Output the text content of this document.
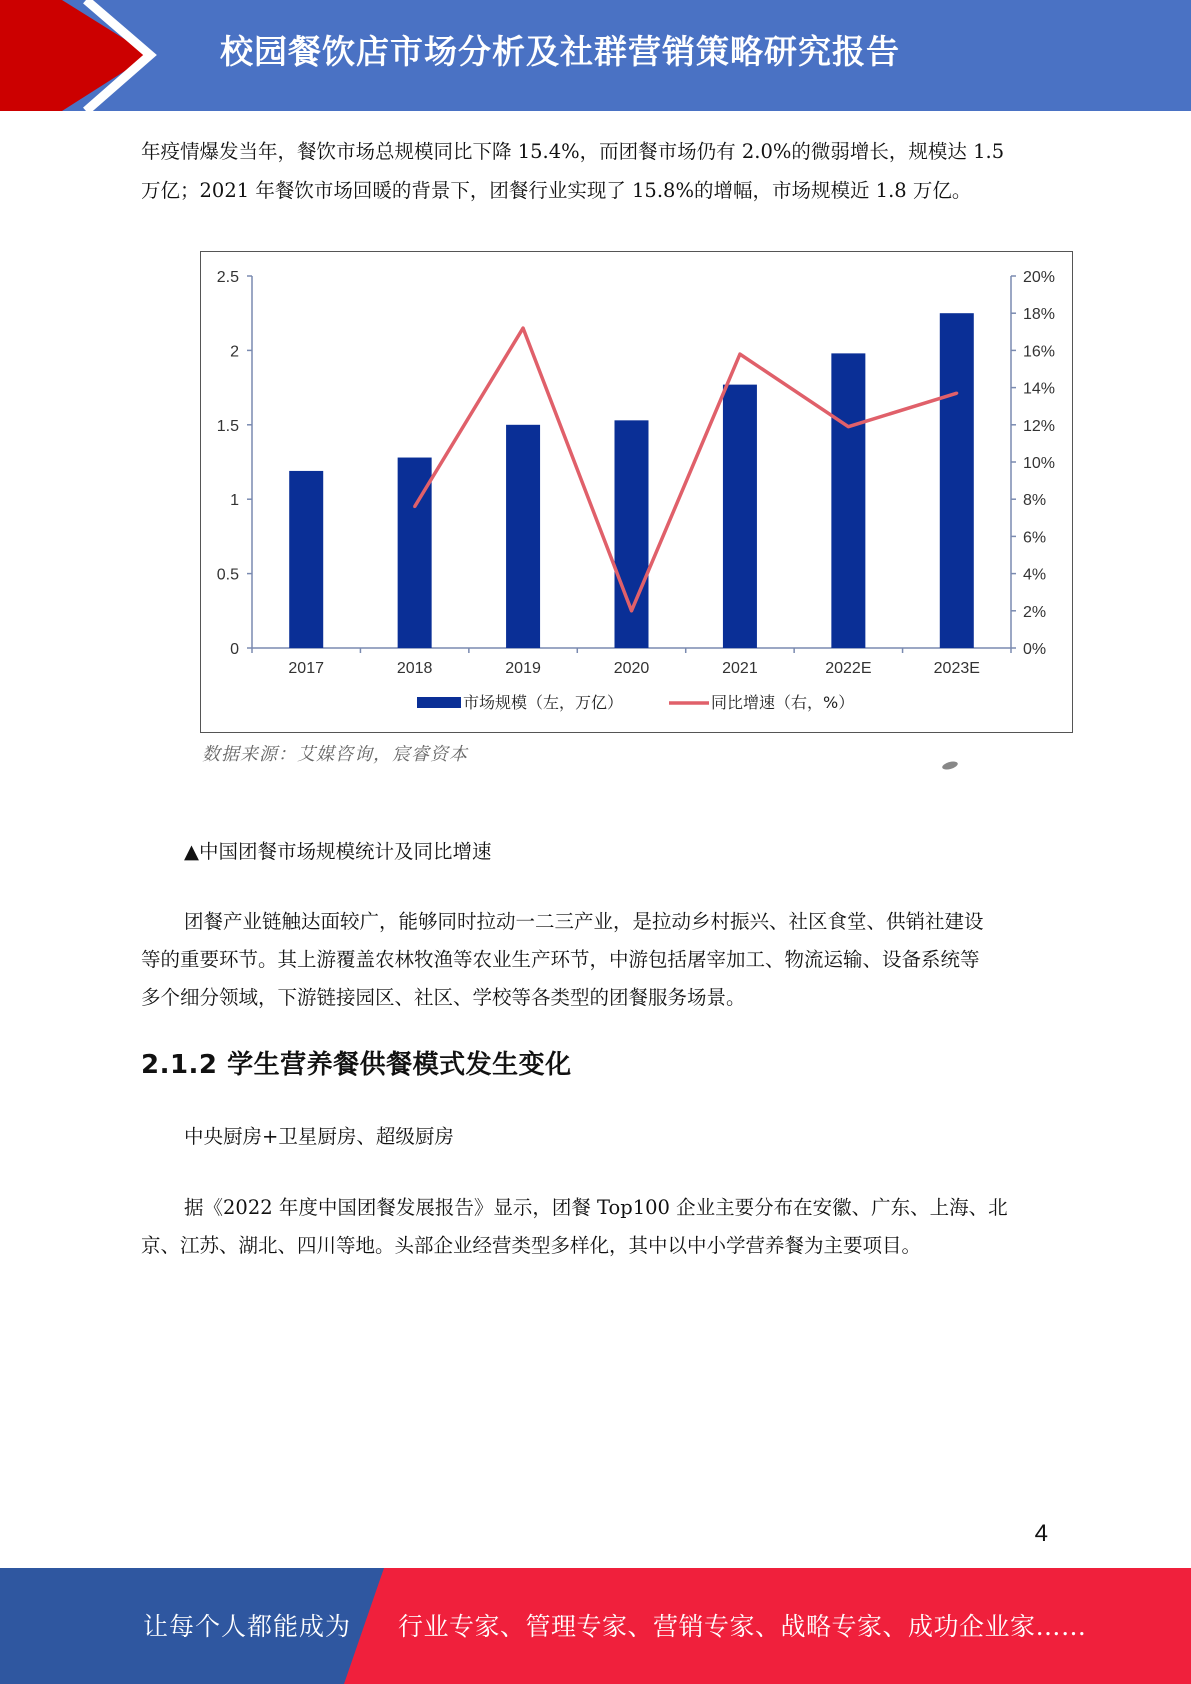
校园餐饮店市场分析及社群营销策略研究报告
年疫情爆发当年，餐饮市场总规模同比下降 15.4%，而团餐市场仍有 2.0%的微弱增长，规模达 1.5
万亿；2021 年餐饮市场回暖的背景下，团餐行业实现了 15.8%的增幅，市场规模近 1.8 万亿。
0
0.5
1
1.5
2
2.5
0%
2%
4%
6%
8%
10%
12%
14%
16%
18%
20%
2017	2018	2019	2020	2021	2022E	2023E
市场规模（左，万亿）	同比增速（右，%）
数据来源：艾媒咨询，宸睿资本
▲中国团餐市场规模统计及同比增速
团餐产业链触达面较广，能够同时拉动一二三产业，是拉动乡村振兴、社区食堂、供销社建设
等的重要环节。其上游覆盖农林牧渔等农业生产环节，中游包括屠宰加工、物流运输、设备系统等
多个细分领域，下游链接园区、社区、学校等各类型的团餐服务场景。
2.1.2 学生营养餐供餐模式发生变化
中央厨房+卫星厨房、超级厨房
据《2022 年度中国团餐发展报告》显示，团餐 Top100 企业主要分布在安徽、广东、上海、北
京、江苏、湖北、四川等地。头部企业经营类型多样化，其中以中小学营养餐为主要项目。
4
让每个人都能成为 行业专家、管理专家、营销专家、战略专家、成功企业家……
